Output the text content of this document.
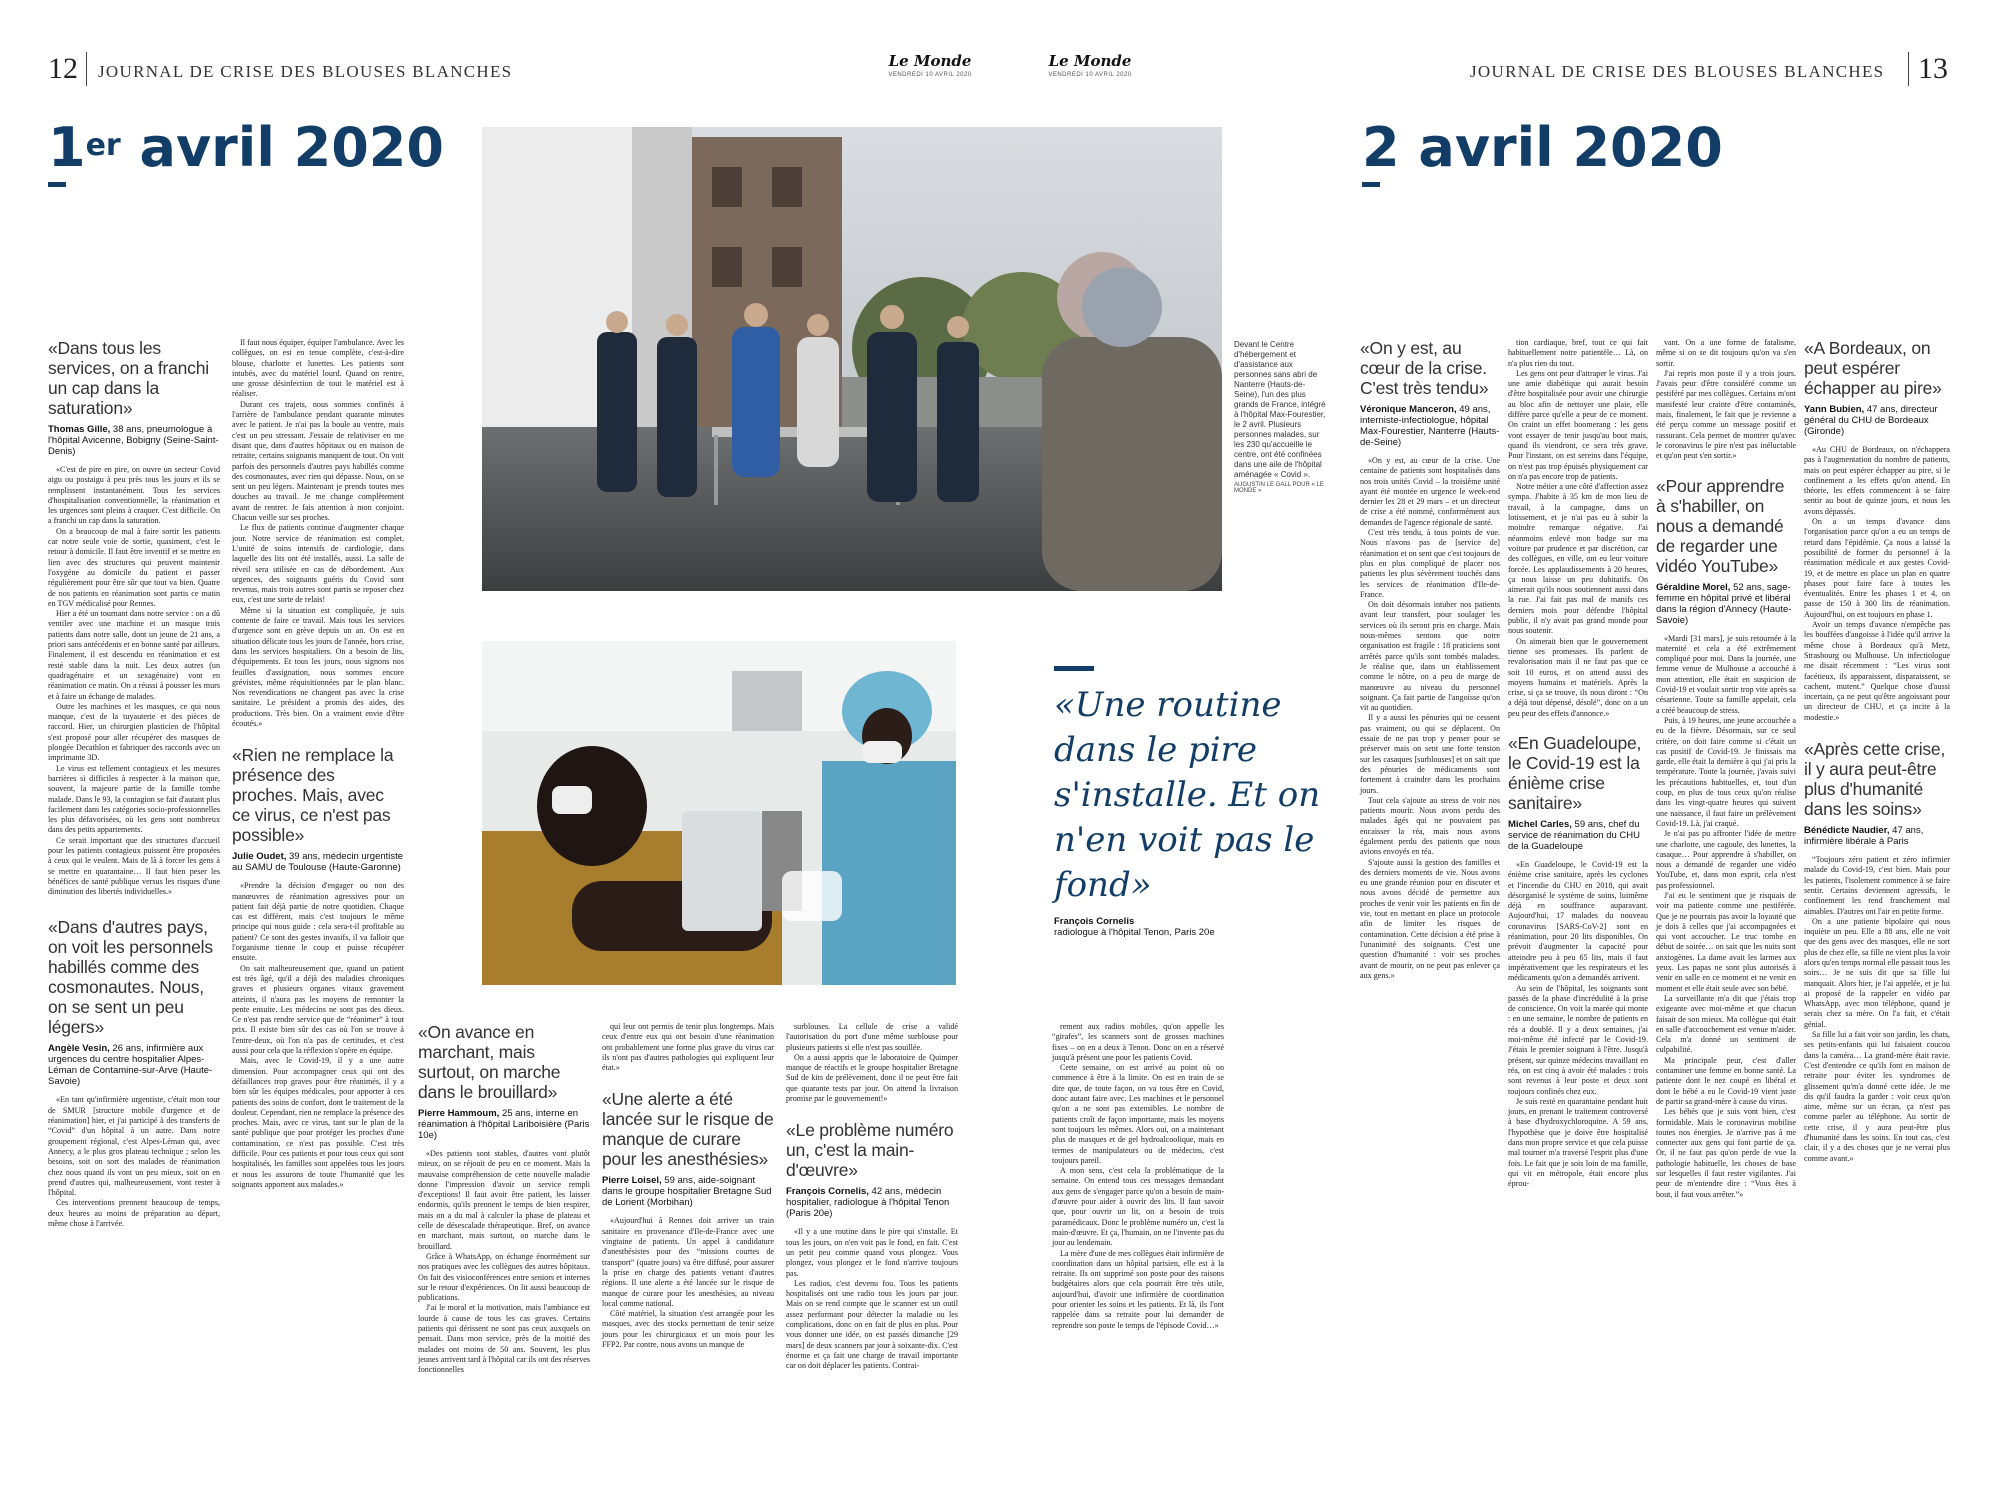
12 JOURNAL DE CRISE DES BLOUSES BLANCHES
Le Monde
VENDREDI 10 AVRIL 2020
Le Monde
VENDREDI 10 AVRIL 2020	JOURNAL DE CRISE DES BLOUSES BLANCHES 13
1er avril 2020	2 avril 2020
«Dans tous les services, on a franchi un cap dans la saturation»
Thomas Gille, 38 ans, pneumologue à l'hôpital Avicenne, Bobigny (Seine-Saint-Denis)

«C'est de pire en pire, on ouvre un secteur Covid aigu ou postaigu à peu près tous les jours et ils se remplissent instantanément. Tous les services d'hospitalisation conventionnelle, la réanimation et les urgences sont pleins à craquer. C'est difficile. On a franchi un cap dans la saturation.

On a beaucoup de mal à faire sortir les patients car notre seule voie de sortie, quasiment, c'est le retour à domicile. Il faut être inventif et se mettre en lien avec des structures qui peuvent maintenir l'oxygène au domicile du patient et passer régulièrement pour être sûr que tout va bien. Quatre de nos patients en réanimation sont partis ce matin en TGV médicalisé pour Rennes.

Hier a été un tournant dans notre service : on a dû ventiler avec une machine et un masque trois patients dans notre salle, dont un jeune de 21 ans, a priori sans antécédents et en bonne santé par ailleurs. Finalement, il est descendu en réanimation et est resté stable dans la nuit. Les deux autres (un quadragénaire et un sexagénaire) vont en réanimation ce matin. On a réussi à pousser les murs et à faire un échange de malades.

Outre les machines et les masques, ce qui nous manque, c'est de la tuyauterie et des pièces de raccord. Hier, un chirurgien plasticien de l'hôpital s'est proposé pour aller récupérer des masques de plongée Decathlon et fabriquer des raccords avec un imprimante 3D.

Le virus est tellement contagieux et les mesures barrières si difficiles à respecter à la maison que, souvent, la majeure partie de la famille tombe malade. Dans le 93, la contagion se fait d'autant plus facilement dans les catégories socio-professionnelles les plus défavorisées, où les gens sont nombreux dans des petits appartements.

Ce serait important que des structures d'accueil pour les patients contagieux puissent être proposées à ceux qui le veulent. Mais de là à forcer les gens à se mettre en quarantaine… Il faut bien peser les bénéfices de santé publique versus les risques d'une diminution des libertés individuelles.»

«Dans d'autres pays, on voit les personnels habillés comme des cosmonautes. Nous, on se sent un peu légers»
Angèle Vesin, 26 ans, infirmière aux urgences du centre hospitalier Alpes-Léman de Contamine-sur-Arve (Haute-Savoie)

«En tant qu'infirmière urgentiste, c'était mon tour de SMUR [structure mobile d'urgence et de réanimation] hier, et j'ai participé à des transferts de “Covid” d'un hôpital à un autre. Dans notre groupement régional, c'est Alpes-Léman qui, avec Annecy, a le plus gros plateau technique ; selon les besoins, soit on sort des malades de réanimation chez nous quand ils vont un peu mieux, soit on en prend d'autres qui, malheureusement, vont rester à l'hôpital.

Ces interventions prennent beaucoup de temps, deux heures au moins de préparation au départ, même chose à l'arrivée.

Il faut nous équiper, équiper l'ambulance. Avec les collègues, on est en tenue complète, c'est-à-dire blouse, charlotte et lunettes. Les patients sont intubés, avec du matériel lourd. Quand on rentre, une grosse désinfection de tout le matériel est à réaliser.

Durant ces trajets, nous sommes confinés à l'arrière de l'ambulance pendant quarante minutes avec le patient. Je n'ai pas la boule au ventre, mais c'est un peu stressant. J'essaie de relativiser en me disant que, dans d'autres hôpitaux ou en maison de retraite, certains soignants manquent de tout. On voit parfois des personnels d'autres pays habillés comme des cosmonautes, avec rien qui dépasse. Nous, on se sent un peu légers. Maintenant je prends toutes mes douches au travail. Je me change complètement avant de rentrer. Je fais attention à mon conjoint. Chacun veille sur ses proches.

Le flux de patients continue d'augmenter chaque jour. Notre service de réanimation est complet. L'unité de soins intensifs de cardiologie, dans laquelle des lits ont été installés, aussi. La salle de réveil sera utilisée en cas de débordement. Aux urgences, des soignants guéris du Covid sont revenus, mais trois autres sont partis se reposer chez eux, c'est une sorte de relais!

Même si la situation est compliquée, je suis contente de faire ce travail. Mais tous les services d'urgence sont en grève depuis un an. On est en situation délicate tous les jours de l'année, hors crise, dans les services hospitaliers. On a besoin de lits, d'équipements. Et tous les jours, nous signons nos feuilles d'assignation, nous sommes encore grévistes, même réquisitionnées par le plan blanc. Nos revendications ne changent pas avec la crise sanitaire. Le président a promis des aides, des productions. Très bien. On a vraiment envie d'être écoutés.»

«Rien ne remplace la présence des proches. Mais, avec ce virus, ce n'est pas possible»
Julie Oudet, 39 ans, médecin urgentiste au SAMU de Toulouse (Haute-Garonne)

«Prendre la décision d'engager ou non des manœuvres de réanimation agressives pour un patient fait déjà partie de notre quotidien. Chaque cas est différent, mais c'est toujours le même principe qui nous guide : cela sera-t-il profitable au patient? Ce sont des gestes invasifs, il va falloir que l'organisme tienne le coup et puisse récupérer ensuite.

On sait malheureusement que, quand un patient est très âgé, qu'il a déjà des maladies chroniques graves et plusieurs organes vitaux gravement atteints, il n'aura pas les moyens de remonter la pente ensuite. Les médecins ne sont pas des dieux. Ce n'est pas rendre service que de “réanimer” à tout prix. Il existe bien sûr des cas où l'on se trouve à l'entre-deux, où l'on n'a pas de certitudes, et c'est aussi pour cela que la réflexion s'opère en équipe.

Mais, avec le Covid-19, il y a une autre dimension. Pour accompagner ceux qui ont des défaillances trop graves pour être réanimés, il y a bien sûr les équipes médicales, pour apporter à ces patients des soins de confort, dont le traitement de la douleur. Cependant, rien ne remplace la présence des proches. Mais, avec ce virus, tant sur le plan de la santé publique que pour protéger les proches d'une contamination, ce n'est pas possible. C'est très difficile. Pour ces patients et pour tous ceux qui sont hospitalisés, les familles sont appelées tous les jours et nous les assurons de toute l'humanité que les soignants apportent aux malades.»

Devant le Centre d'hébergement et d'assistance aux personnes sans abri de Nanterre (Hauts-de-Seine), l'un des plus grands de France, intégré à l'hôpital Max-Fourestier, le 2 avril. Plusieurs personnes malades, sur les 230 qu'accueille le centre, ont été confinées dans une aile de l'hôpital aménagée « Covid ».
AUGUSTIN LE GALL POUR « LE MONDE »
«Une routine dans le pire s'installe. Et on n'en voit pas le fond»
François Cornelis
radiologue à l'hôpital Tenon, Paris 20e
«On avance en marchant, mais surtout, on marche dans le brouillard»
Pierre Hammoum, 25 ans, interne en réanimation à l'hôpital Lariboisière (Paris 10e)

«Des patients sont stables, d'autres vont plutôt mieux, on se réjouit de peu en ce moment. Mais la mauvaise compréhension de cette nouvelle maladie donne l'impression d'avoir un service rempli d'exceptions! Il faut avoir être patient, les laisser endormis, qu'ils prennent le temps de bien respirer, mais on a du mal à calculer la phase de plateau et celle de désescalade thérapeutique. Bref, on avance en marchant, mais surtout, on marche dans le brouillard.

Grâce à WhatsApp, on échange énormément sur nos pratiques avec les collègues des autres hôpitaux. On fait des visioconférences entre seniors et internes sur le retour d'expériences. On lit aussi beaucoup de publications.

J'ai le moral et la motivation, mais l'ambiance est lourde à cause de tous les cas graves. Certains patients qui dérissent ne sont pas ceux auxquels on pensait. Dans mon service, près de la moitié des malades ont moins de 50 ans. Souvent, les plus jeunes arrivent tard à l'hôpital car ils ont des réserves fonctionnelles

qui leur ont permis de tenir plus longtemps. Mais ceux d'entre eux qui ont besoin d'une réanimation ont probablement une forme plus grave du virus car ils n'ont pas d'autres pathologies qui expliquent leur état.»

«Une alerte a été lancée sur le risque de manque de curare pour les anesthésies»
Pierre Loisel, 59 ans, aide-soignant dans le groupe hospitalier Bretagne Sud de Lorient (Morbihan)

«Aujourd'hui à Rennes doit arriver un train sanitaire en provenance d'Ile-de-France avec une vingtaine de patients. Un appel à candidature d'anesthésistes pour des “missions courtes de transport” (quatre jours) va être diffusé, pour assurer la prise en charge des patients venant d'autres régions. Il une alerte a été lancée sur le risque de manque de curare pour les anesthésies, au niveau local comme national.

Côté matériel, la situation s'est arrangée pour les masques, avec des stocks permettant de tenir seize jours pour les chirurgicaux et un mois pour les FFP2. Par contre, nous avons un manque de

surblouses. La cellule de crise a validé l'autorisation du port d'une même surblouse pour plusieurs patients si elle n'est pas souillée.

On a aussi appris que le laboratoire de Quimper manque de réactifs et le groupe hospitalier Bretagne Sud de kits de prélèvement, donc il ne peut être fait que quarante tests par jour. On attend la livraison promise par le gouvernement!»

«Le problème numéro un, c'est la main-d'œuvre»
François Cornelis, 42 ans, médecin hospitalier, radiologue à l'hôpital Tenon (Paris 20e)

«Il y a une routine dans le pire qui s'installe. Et tous les jours, on n'en voit pas le fond, en fait. C'est un petit peu comme quand vous plongez. Vous plongez, vous plongez et le fond n'arrive toujours pas.

Les radios, c'est devenu fou. Tous les patients hospitalisés ont une radio tous les jours par jour. Mais on se rend compte que le scanner est un outil assez performant pour détecter la maladie ou les complications, donc on en fait de plus en plus. Pour vous donner une idée, on est passés dimanche [29 mars] de deux scanners par jour à soixante-dix. C'est énorme et ça fait une charge de travail importante car on doit déplacer les patients. Contrai-

rement aux radios mobiles, qu'on appelle les “girafes”, les scanners sont de grosses machines fixes – on en a deux à Tenon. Donc on en a réservé jusqu'à présent une pour les patients Covid.

Cette semaine, on est arrivé au point où on commence à être à la limite. On est en train de se dire que, de toute façon, on va tous être en Covid, donc autant faire avec. Les machines et le personnel qu'on a ne sont pas extensibles. Le nombre de patients croît de façon importante, mais les moyens sont toujours les mêmes. Alors oui, on a maintenant plus de masques et de gel hydroalcoolique, mais en termes de manipulateurs ou de médecins, c'est toujours pareil.

A mon sens, c'est cela la problématique de la semaine. On entend tous ces messages demandant aux gens de s'engager parce qu'on a besoin de main-d'œuvre pour aider à ouvrir des lits. Il faut savoir que, pour ouvrir un lit, on a besoin de trois paramédicaux. Donc le problème numéro un, c'est la main-d'œuvre. Et ça, l'humain, on ne l'invente pas du jour au lendemain.

La mère d'une de mes collègues était infirmière de coordination dans un hôpital parisien, elle est à la retraite. Ils ont supprimé son poste pour des raisons budgétaires alors que cela pourrait être très utile, aujourd'hui, d'avoir une infirmière de coordination pour orienter les soins et les patients. Et là, ils l'ont rappelée dans sa retraite pour lui demander de reprendre son poste le temps de l'épisode Covid…»

«On y est, au cœur de la crise. C'est très tendu»
Véronique Manceron, 49 ans, interniste-infectiologue, hôpital Max-Fourestier, Nanterre (Hauts-de-Seine)

«On y est, au cœur de la crise. Une centaine de patients sont hospitalisés dans nos trois unités Covid – la troisième unité ayant été montée en urgence le week-end dernier les 28 et 29 mars – et un directeur de crise a été nommé, conformément aux demandes de l'agence régionale de santé.

C'est très tendu, à tous points de vue. Nous n'avons pas de [service de] réanimation et on sent que c'est toujours de plus en plus compliqué de placer nos patients les plus sévèrement touchés dans les services de réanimation d'Ile-de-France.

On doit désormais intuber nos patients avant leur transfert, pour soulager les services où ils seront pris en charge. Mais nous-mêmes sentons que notre organisation est fragile : 18 praticiens sont arrêtés parce qu'ils sont tombés malades. Je réalise que, dans un établissement comme le nôtre, on a peu de marge de manœuvre au niveau du personnel soignant. Ça fait partie de l'angoisse qu'on vit au quotidien.

Il y a aussi les pénuries qui ne cessent pas vraiment, ou qui se déplacent. On essaie de ne pas trop y penser pour se préserver mais on sent une forte tension sur les casaques [surblouses] et on sait que des pénuries de médicaments sont fortement à craindre dans les prochains jours.

Tout cela s'ajoute au stress de voir nos patients mourir. Nous avons perdu des malades âgés qui ne pouvaient pas encaisser la réa, mais nous avons également perdu des patients que nous avions envoyés en réa.

S'ajoute aussi la gestion des familles et des derniers moments de vie. Nous avons eu une grande réunion pour en discuter et nous avons décidé de permettre aux proches de venir voir les patients en fin de vie, tout en mettant en place un protocole afin de limiter les risques de contamination. Cette décision a été prise à l'unanimité des soignants. C'est une question d'humanité : voir ses proches avant de mourir, on ne peut pas enlever ça aux gens.»

tion cardiaque, bref, tout ce qui fait habituellement notre patientèle… Là, on n'a plus rien du tout.

Les gens ont peur d'attraper le virus. J'ai une amie diabétique qui aurait besoin d'être hospitalisée pour avoir une chirurgie au bloc afin de nettoyer une plaie, elle diffère parce qu'elle a peur de ce moment. On craint un effet boomerang : les gens vont essayer de tenir jusqu'au bout mais, quand ils viendront, ce sera très grave. Pour l'instant, on est sereins dans l'équipe, on n'est pas trop épuisés physiquement car on n'a pas encore trop de patients.

Notre métier a une côté d'affection assez sympa. J'habite à 35 km de mon lieu de travail, à la campagne, dans un lotissement, et je n'ai pas eu à subir la moindre remarque négative. J'ai néanmoins enlevé mon badge sur ma voiture par prudence et par discrétion, car des collègues, en ville, ont eu leur voiture forcée. Les applaudissements à 20 heures, ça nous laisse un peu dubitatifs. On aimerait qu'ils nous soutiennent aussi dans la rue. J'ai fait pas mal de manifs ces derniers mois pour défendre l'hôpital public, il n'y avait pas grand monde pour nous soutenir.

On aimerait bien que le gouvernement tienne ses promesses. Ils parlent de revalorisation mais il ne faut pas que ce soit 10 euros, et on attend aussi des moyens humains et matériels. Après la crise, si ça se trouve, ils nous diront : “On a déjà tout dépensé, désolé”, donc on a un peu peur des effets d'annonce.»

«En Guadeloupe, le Covid-19 est la énième crise sanitaire»
Michel Carles, 59 ans, chef du service de réanimation du CHU de la Guadeloupe

«En Guadeloupe, le Covid-19 est la énième crise sanitaire, après les cyclones et l'incendie du CHU en 2018, qui avait désorganisé le système de soins, luimême déjà en souffrance auparavant. Aujourd'hui, 17 malades du nouveau coronavirus [SARS-CoV-2] sont en réanimation, pour 20 lits disponibles. On prévoit d'augmenter la capacité pour atteindre peu à peu 65 lits, mais il faut impérativement que les respirateurs et les médicaments qu'on a demandés arrivent.

Au sein de l'hôpital, les soignants sont passés de la phase d'incrédulité à la prise de conscience. On voit la marée qui monte : en une semaine, le nombre de patients en réa a doublé. Il y a deux semaines, j'ai moi-même été infecté par le Covid-19. J'étais le premier soignant à l'être. Jusqu'à présent, sur quinze médecins travaillant en réa, on est cinq à avoir été malades : trois sont revenus à leur poste et deux sont toujours confinés chez eux.

Je suis resté en quarantaine pendant huit jours, en prenant le traitement controversé à base d'hydroxychloroquine. A 59 ans, l'hypothèse que je doive être hospitalisé dans mon propre service et que cela puisse mal tourner m'a traversé l'esprit plus d'une fois. Le fait que je sois loin de ma famille, qui vit en métropole, était encore plus éprou-

vant. On a une forme de fatalisme, même si on se dit toujours qu'on va s'en sortir.

J'ai repris mon poste il y a trois jours. J'avais peur d'être considéré comme un pestiféré par mes collègues. Certains m'ont manifesté leur crainte d'être contaminés, mais, finalement, le fait que je revienne a été perçu comme un message positif et rassurant. Cela permet de montrer qu'avec le coronavirus le pire n'est pas inéluctable et qu'on peut s'en sortir.»

«Pour apprendre à s'habiller, on nous a demandé de regarder une vidéo YouTube»
Géraldine Morel, 52 ans, sage-femme en hôpital privé et libéral dans la région d'Annecy (Haute-Savoie)

«Mardi [31 mars], je suis retournée à la maternité et cela a été extrêmement compliqué pour moi. Dans la journée, une femme venue de Mulhouse a accouché à mon attention, elle était en suspicion de Covid-19 et voulait sortir trop vite après sa césarienne. Toute sa famille appelait, cela a créé beaucoup de stress.

Puis, à 19 heures, une jeune accouchée a eu de la fièvre. Désormais, sur ce seul critère, on doit faire comme si c'était un cas positif de Covid-19. Je finissais ma garde, elle était la dernière à qui j'ai pris la température. Toute la journée, j'avais suivi les précautions habituelles, et, tout d'un coup, en plus de tous ceux qu'on réalise dans les vingt-quatre heures qui suivent une naissance, il faut faire un prélèvement Covid-19. Là, j'ai craqué.

Je n'ai pas pu affronter l'idée de mettre une charlotte, une cagoule, des lunettes, la casaque… Pour apprendre à s'habiller, on nous a demandé de regarder une vidéo YouTube, et, dans mon esprit, cela n'est pas professionnel.

J'ai eu le sentiment que je risquais de voir ma patiente comme une pestiférée. Que je ne pourrais pas avoir la loyauté que je dois à celles que j'ai accompagnées et qui vont accoucher. Le truc tombe en début de soirée… on sait que les nuits sont anxiogènes. La dame avait les larmes aux yeux. Les papas ne sont plus autorisés à venir en salle en ce moment et ne venir en moment et elle était seule avec son bébé.

La surveillante m'a dit que j'étais trop exigeante avec moi-même et que chacun faisait de son mieux. Ma collègue qui était en salle d'accouchement est venue m'aider. Cela m'a donné un sentiment de culpabilité.

Ma principale peur, c'est d'aller contaminer une femme en bonne santé. La patiente dont le nez coupé en libéral et dont le bébé a eu le Covid-19 vient juste de partir sa grand-mère à cause du virus.

Les bébés que je suis vont bien, c'est formidable. Mais le coronavirus mobilise toutes nos énergies. Je n'arrive pas à me connecter aux gens qui font partie de ça. Or, il ne faut pas qu'on perde de vue la pathologie habituelle, les choses de base sur lesquelles il faut rester vigilantes. J'ai peur de m'entendre dire : “Vous êtes à bout, il faut vous arrêter.”»

«A Bordeaux, on peut espérer échapper au pire»
Yann Bubien, 47 ans, directeur général du CHU de Bordeaux (Gironde)

«Au CHU de Bordeaux, on n'échappera pas à l'augmentation du nombre de patients, mais on peut espérer échapper au pire, si le confinement a les effets qu'on attend. En théorie, les effets commencent à se faire sentir au bout de quinze jours, et nous les avons dépassés.

On a un temps d'avance dans l'organisation parce qu'on a eu un temps de retard dans l'épidémie. Ça nous a laissé la possibilité de former du personnel à la réanimation médicale et aux gestes Covid-19, et de mettre en place un plan en quatre phases pour faire face à toutes les éventualités. Entre les phases 1 et 4, on passe de 150 à 300 lits de réanimation. Aujourd'hui, on est toujours en phase 1.

Avoir un temps d'avance n'empêche pas les bouffées d'angoisse à l'idée qu'il arrive la même chose à Bordeaux qu'à Metz, Strasbourg ou Mulhouse. Un infectiologue me disait récemment : “Les virus sont facétieux, ils apparaissent, disparaissent, se cachent, mutent.” Quelque chose d'aussi incertain, ça ne peut qu'être angoissant pour un directeur de CHU, et ça incite à la modestie.»

«Après cette crise, il y aura peut-être plus d'humanité dans les soins»
Bénédicte Naudier, 47 ans, infirmière libérale à Paris

“Toujours zéro patient et zéro infirmier malade du Covid-19, c'est bien. Mais pour les patients, l'isolement commence à se faire sentir. Certains deviennent agressifs, le confinement les rend franchement mal aimables. D'autres ont l'air en petite forme.

On a une patiente bipolaire qui nous inquiète un peu. Elle a 88 ans, elle ne voit que des gens avec des masques, elle ne sort plus de chez elle, sa fille ne vient plus la voir alors qu'en temps normal elle passait tous les soirs… Je ne suis dit que sa fille lui manquait. Alors hier, je l'ai appelée, et je lui ai proposé de la rappeler en vidéo par WhatsApp, avec mon téléphone, quand je serais chez sa mère. On l'a fait, et c'était génial.

Sa fille lui a fait voir son jardin, les chats, ses petits-enfants qui lui faisaient coucou dans la caméra… La grand-mère était ravie. C'est d'entendre ce qu'ils font en maison de retraite pour éviter les syndromes de glissement qu'm'a donné cette idée. Je me dis qu'il faudra la garder : voir ceux qu'on aime, même sur un écran, ça n'est pas comme parler au téléphone. Au sortir de cette crise, il y aura peut-être plus d'humanité dans les soins. En tout cas, c'est clair, il y a des choses que je ne verrai plus comme avant.»
